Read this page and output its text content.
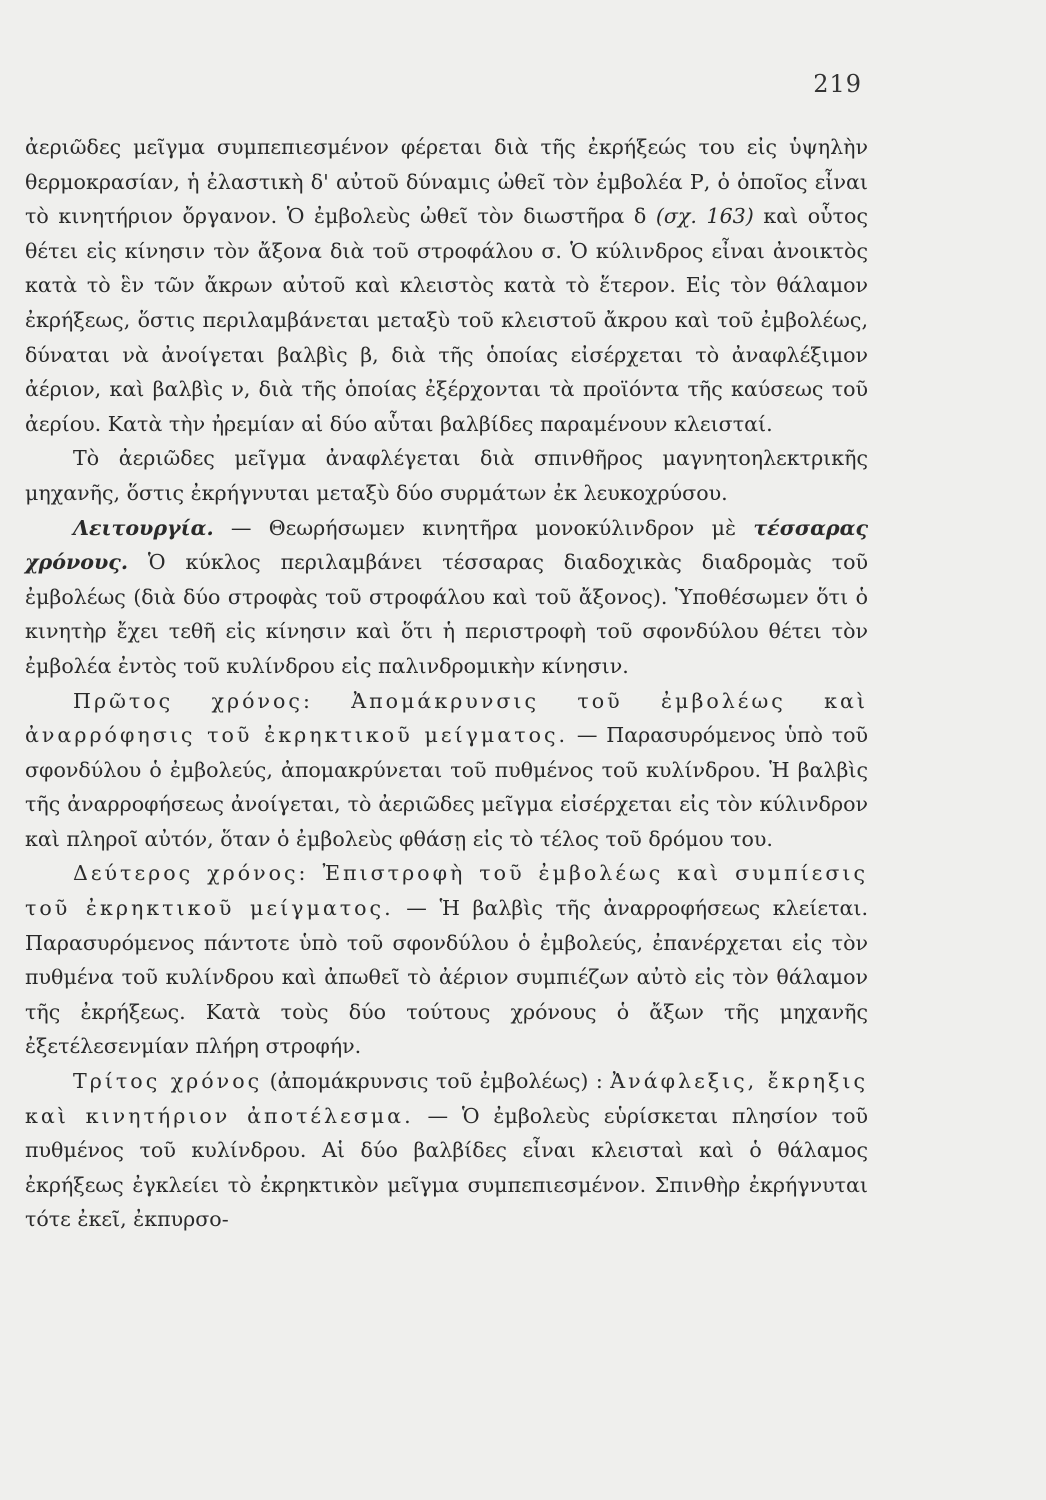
219

ἀεριῶδες μεῖγμα συμπεπιεσμένον φέρεται διὰ τῆς ἐκρήξεώς του εἰς ὑψηλὴν θερμοκρασίαν, ἡ ἐλαστικὴ δ' αὐτοῦ δύναμις ὠθεῖ τὸν ἐμβολέα Ρ, ὁ ὁποῖος εἶναι τὸ κινητήριον ὄργανον. Ὁ ἐμβολεὺς ὠθεῖ τὸν διωστῆρα δ (σχ. 163) καὶ οὗτος θέτει εἰς κίνησιν τὸν ἄξονα διὰ τοῦ στροφάλου σ. Ὁ κύλινδρος εἶναι ἀνοικτὸς κατὰ τὸ ἓν τῶν ἄκρων αὐτοῦ καὶ κλειστὸς κατὰ τὸ ἕτερον. Εἰς τὸν θάλαμον ἐκρήξεως, ὅστις περιλαμβάνεται μεταξὺ τοῦ κλειστοῦ ἄκρου καὶ τοῦ ἐμβολέως, δύναται νὰ ἀνοίγεται βαλβὶς β, διὰ τῆς ὁποίας εἰσέρχεται τὸ ἀναφλέξιμον ἀέριον, καὶ βαλβὶς ν, διὰ τῆς ὁποίας ἐξέρχονται τὰ προϊόντα τῆς καύσεως τοῦ ἀερίου. Κατὰ τὴν ἠρεμίαν αἱ δύο αὗται βαλβίδες παραμένουν κλεισταί.

Τὸ ἀεριῶδες μεῖγμα ἀναφλέγεται διὰ σπινθῆρος μαγνητοηλεκτρικῆς μηχανῆς, ὅστις ἐκρήγνυται μεταξὺ δύο συρμάτων ἐκ λευκοχρύσου.

Λειτουργία. — Θεωρήσωμεν κινητῆρα μονοκύλινδρον μὲ τέσσαρας χρόνους. Ὁ κύκλος περιλαμβάνει τέσσαρας διαδοχικὰς διαδρομὰς τοῦ ἐμβολέως (διὰ δύο στροφὰς τοῦ στροφάλου καὶ τοῦ ἄξονος). Ὑποθέσωμεν ὅτι ὁ κινητὴρ ἔχει τεθῆ εἰς κίνησιν καὶ ὅτι ἡ περιστροφὴ τοῦ σφονδύλου θέτει τὸν ἐμβολέα ἐντὸς τοῦ κυλίνδρου εἰς παλινδρομικὴν κίνησιν.

Πρῶτος χρόνος: Ἀπομάκρυνσις τοῦ ἐμβολέως καὶ ἀναρρόφησις τοῦ ἐκρηκτικοῦ μείγματος. — Παρασυρόμενος ὑπὸ τοῦ σφονδύλου ὁ ἐμβολεύς, ἀπομακρύνεται τοῦ πυθμένος τοῦ κυλίνδρου. Ἡ βαλβὶς τῆς ἀναρροφήσεως ἀνοίγεται, τὸ ἀεριῶδες μεῖγμα εἰσέρχεται εἰς τὸν κύλινδρον καὶ πληροῖ αὐτόν, ὅταν ὁ ἐμβολεὺς φθάσῃ εἰς τὸ τέλος τοῦ δρόμου του.

Δεύτερος χρόνος: Ἐπιστροφὴ τοῦ ἐμβολέως καὶ συμπίεσις τοῦ ἐκρηκτικοῦ μείγματος. — Ἡ βαλβὶς τῆς ἀναρροφήσεως κλείεται. Παρασυρόμενος πάντοτε ὑπὸ τοῦ σφονδύλου ὁ ἐμβολεύς, ἐπανέρχεται εἰς τὸν πυθμένα τοῦ κυλίνδρου καὶ ἀπωθεῖ τὸ ἀέριον συμπιέζων αὐτὸ εἰς τὸν θάλαμον τῆς ἐκρήξεως. Κατὰ τοὺς δύο τούτους χρόνους ὁ ἄξων τῆς μηχανῆς ἐξετέλεσενμίαν πλήρη στροφήν.

Τρίτος χρόνος (ἀπομάκρυνσις τοῦ ἐμβολέως) : Ἀνάφλεξις, ἔκρηξις καὶ κινητήριον ἀποτέλεσμα. — Ὁ ἐμβολεὺς εὑρίσκεται πλησίον τοῦ πυθμένος τοῦ κυλίνδρου. Αἱ δύο βαλβίδες εἶναι κλεισταὶ καὶ ὁ θάλαμος ἐκρήξεως ἐγκλείει τὸ ἐκρηκτικὸν μεῖγμα συμπεπιεσμένον. Σπινθὴρ ἐκρήγνυται τότε ἐκεῖ, ἐκπυρσο-
